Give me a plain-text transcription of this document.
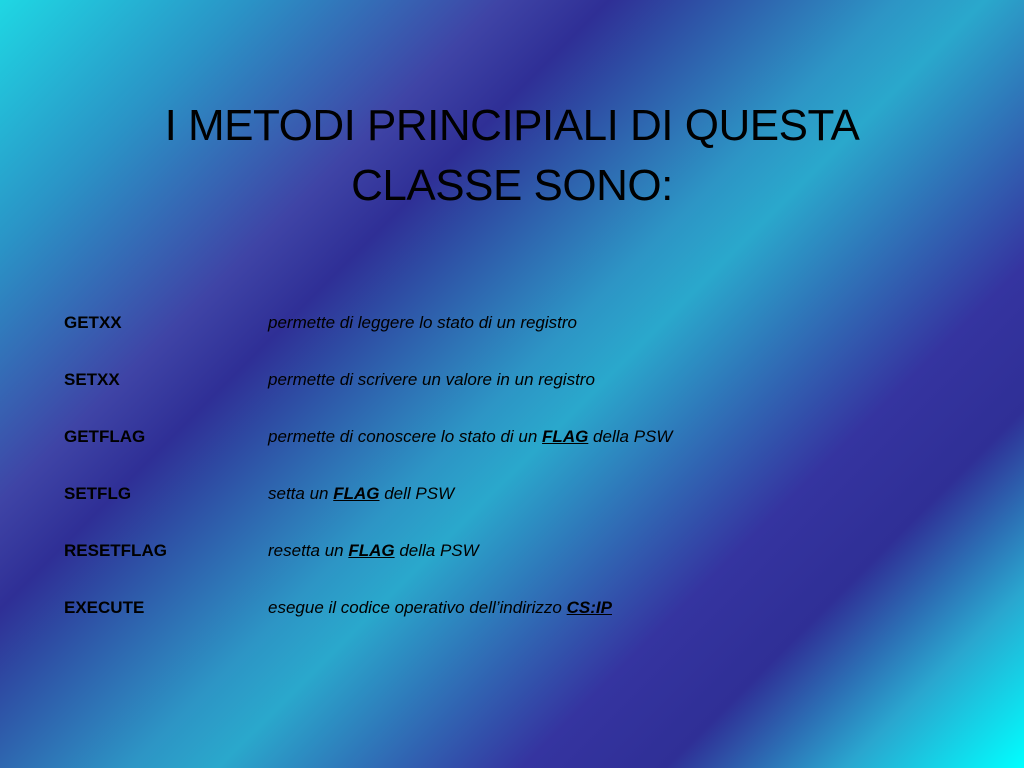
I METODI PRINCIPIALI DI QUESTA
CLASSE SONO:
GETXX	permette di leggere lo stato di un registro
SETXX	permette di scrivere un valore in un registro
GETFLAG	permette di conoscere lo stato di un FLAG della PSW
SETFLG	setta un FLAG dell PSW
RESETFLAG	resetta un FLAG della PSW
EXECUTE	esegue il codice operativo dell’indirizzo CS:IP
